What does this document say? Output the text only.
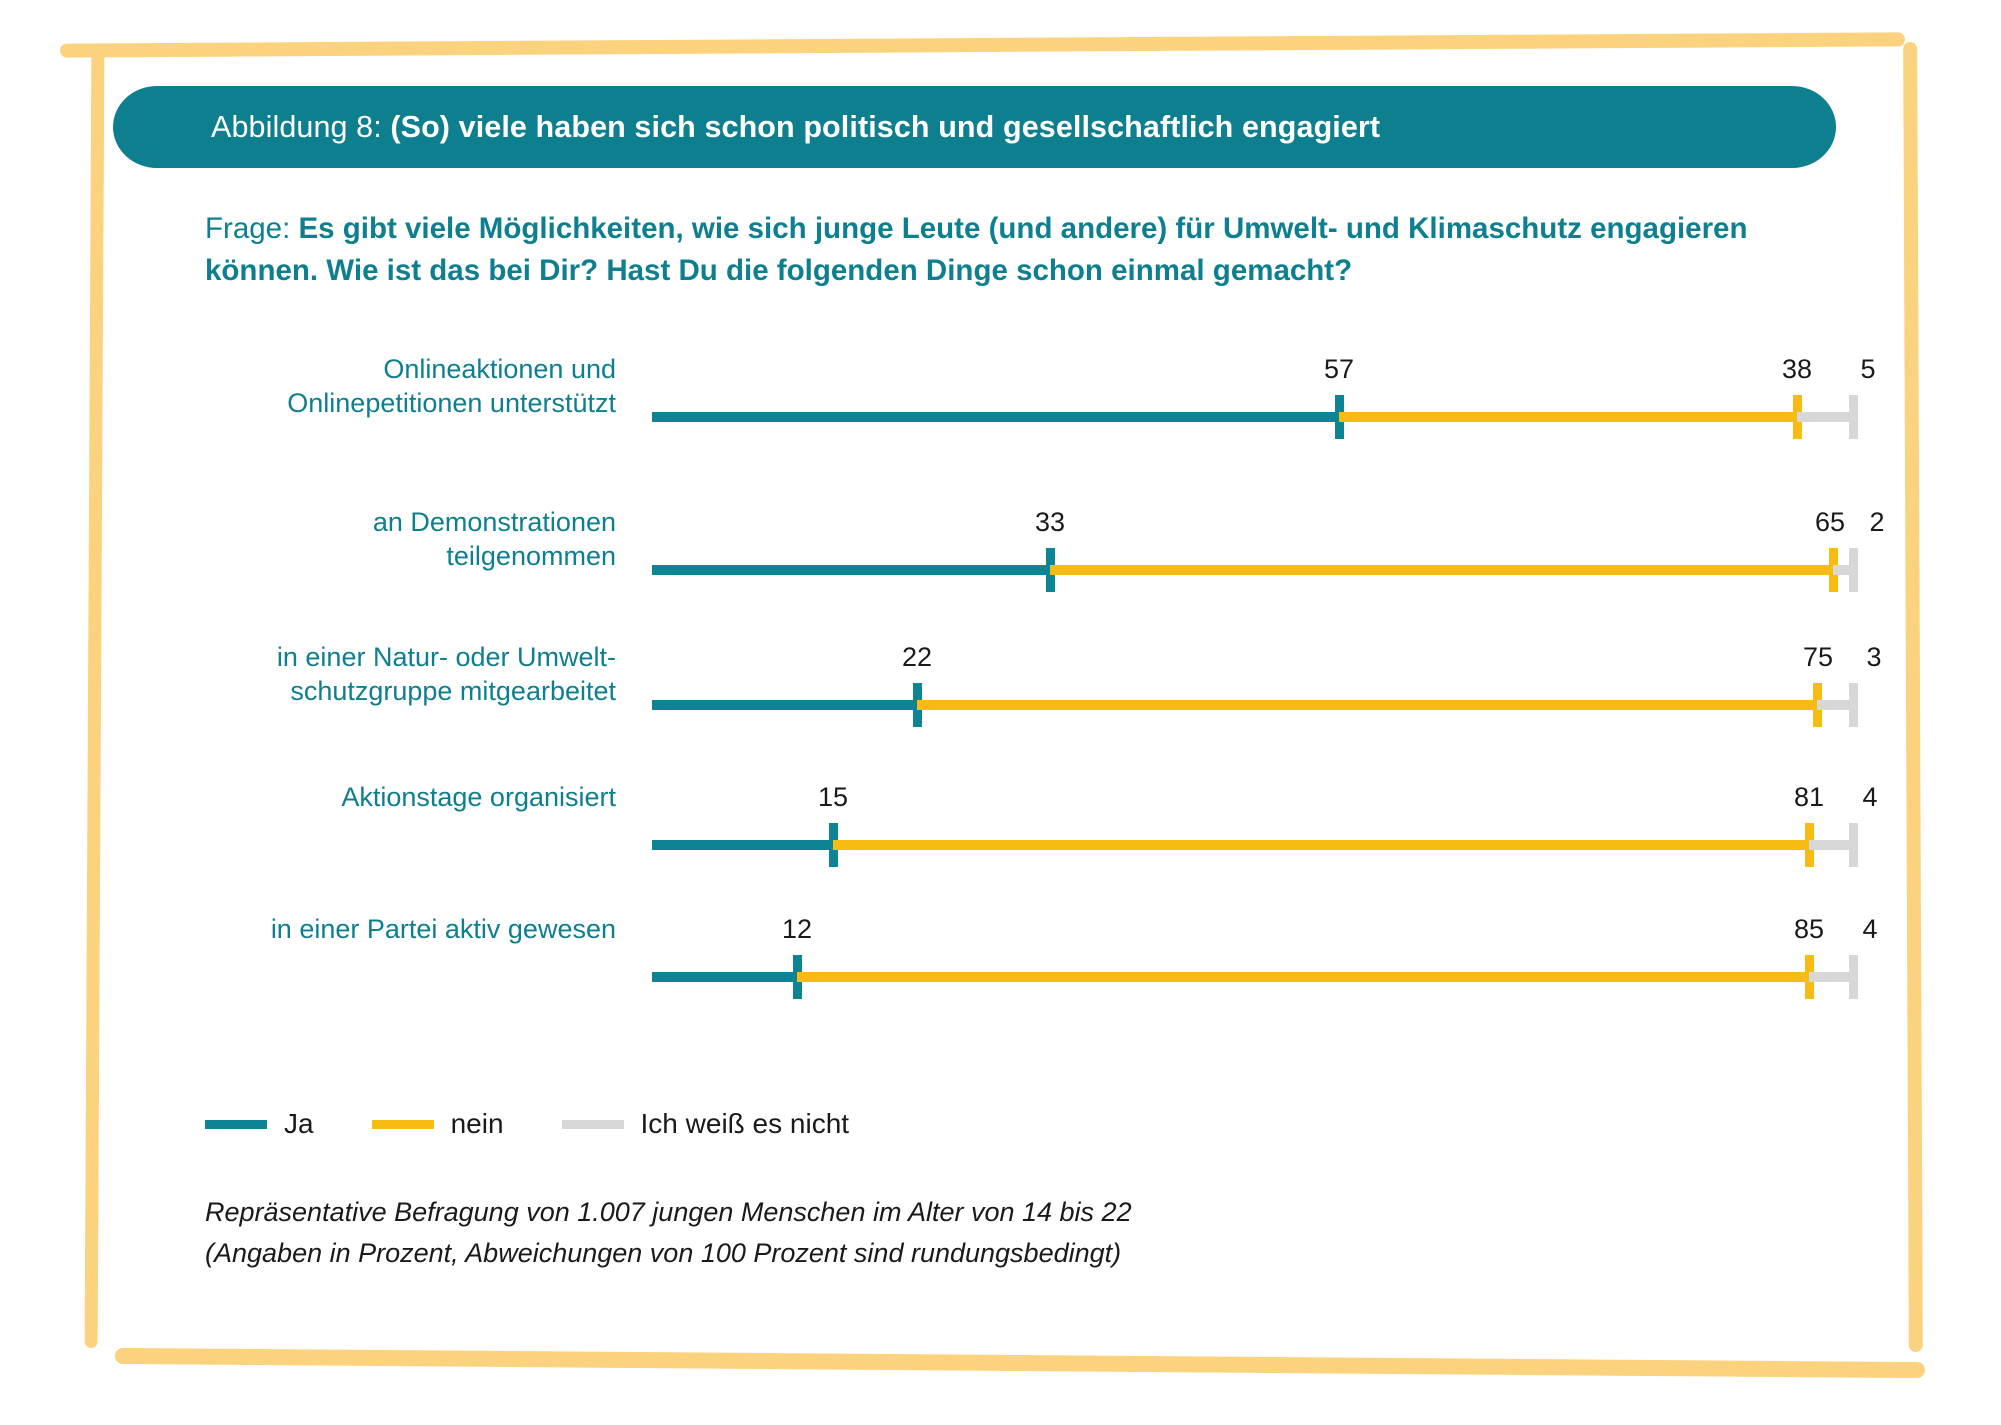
Abbildung 8: (So) viele haben sich schon politisch und gesellschaftlich engagiert
Frage: Es gibt viele Möglichkeiten, wie sich junge Leute (und andere) für Umwelt- und Klimaschutz engagieren können. Wie ist das bei Dir? Hast Du die folgenden Dinge schon einmal gemacht?
Onlineaktionen und
Onlinepetitionen unterstützt
57	38 5
an Demonstrationen
teilgenommen
33	65 2
in einer Natur- oder Umwelt-
schutzgruppe mitgearbeitet
22	75 3
Aktionstage organisiert	15	81 4
in einer Partei aktiv gewesen	12	85 4
Ja	nein	Ich weiß es nicht
Repräsentative Befragung von 1.007 jungen Menschen im Alter von 14 bis 22
(Angaben in Prozent, Abweichungen von 100 Prozent sind rundungsbedingt)
